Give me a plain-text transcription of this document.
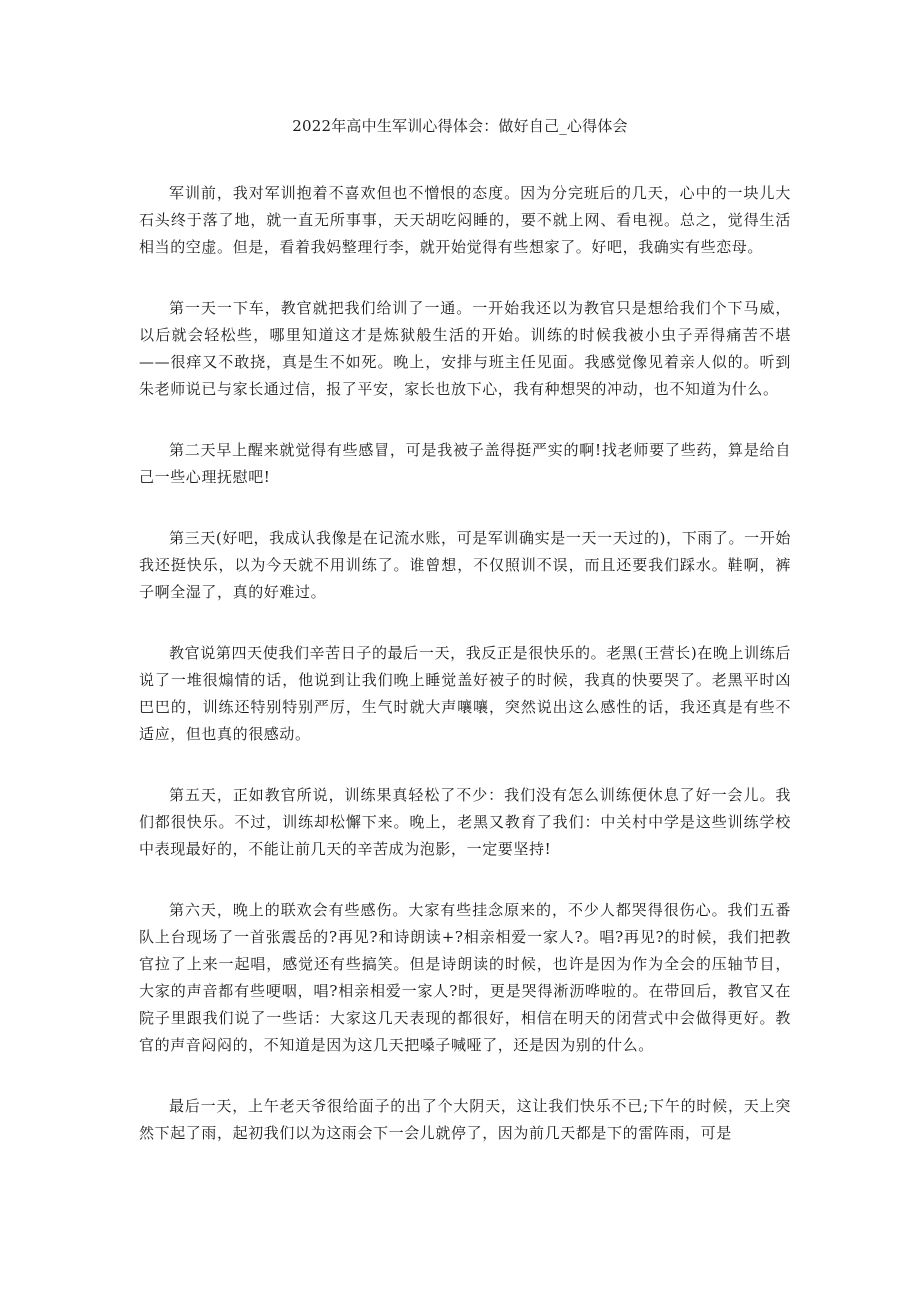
2022年高中生军训心得体会：做好自己_心得体会

军训前，我对军训抱着不喜欢但也不憎恨的态度。因为分完班后的几天，心中的一块儿大石头终于落了地，就一直无所事事，天天胡吃闷睡的，要不就上网、看电视。总之，觉得生活相当的空虚。但是，看着我妈整理行李，就开始觉得有些想家了。好吧，我确实有些恋母。

第一天一下车，教官就把我们给训了一通。一开始我还以为教官只是想给我们个下马威，以后就会轻松些，哪里知道这才是炼狱般生活的开始。训练的时候我被小虫子弄得痛苦不堪——很痒又不敢挠，真是生不如死。晚上，安排与班主任见面。我感觉像见着亲人似的。听到朱老师说已与家长通过信，报了平安，家长也放下心，我有种想哭的冲动，也不知道为什么。

第二天早上醒来就觉得有些感冒，可是我被子盖得挺严实的啊!找老师要了些药，算是给自己一些心理抚慰吧!

第三天(好吧，我成认我像是在记流水账，可是军训确实是一天一天过的)，下雨了。一开始我还挺快乐，以为今天就不用训练了。谁曾想，不仅照训不误，而且还要我们踩水。鞋啊，裤子啊全湿了，真的好难过。

教官说第四天使我们辛苦日子的最后一天，我反正是很快乐的。老黑(王营长)在晚上训练后说了一堆很煽情的话，他说到让我们晚上睡觉盖好被子的时候，我真的快要哭了。老黑平时凶巴巴的，训练还特别特别严厉，生气时就大声嚷嚷，突然说出这么感性的话，我还真是有些不适应，但也真的很感动。

第五天，正如教官所说，训练果真轻松了不少：我们没有怎么训练便休息了好一会儿。我们都很快乐。不过，训练却松懈下来。晚上，老黑又教育了我们：中关村中学是这些训练学校中表现最好的，不能让前几天的辛苦成为泡影，一定要坚持!

第六天，晚上的联欢会有些感伤。大家有些挂念原来的，不少人都哭得很伤心。我们五番队上台现场了一首张震岳的?再见?和诗朗读+?相亲相爱一家人?。唱?再见?的时候，我们把教官拉了上来一起唱，感觉还有些搞笑。但是诗朗读的时候，也许是因为作为全会的压轴节目，大家的声音都有些哽咽，唱?相亲相爱一家人?时，更是哭得淅沥哗啦的。在带回后，教官又在院子里跟我们说了一些话：大家这几天表现的都很好，相信在明天的闭营式中会做得更好。教官的声音闷闷的，不知道是因为这几天把嗓子喊哑了，还是因为别的什么。

最后一天，上午老天爷很给面子的出了个大阴天，这让我们快乐不已;下午的时候，天上突然下起了雨，起初我们以为这雨会下一会儿就停了，因为前几天都是下的雷阵雨，可是
